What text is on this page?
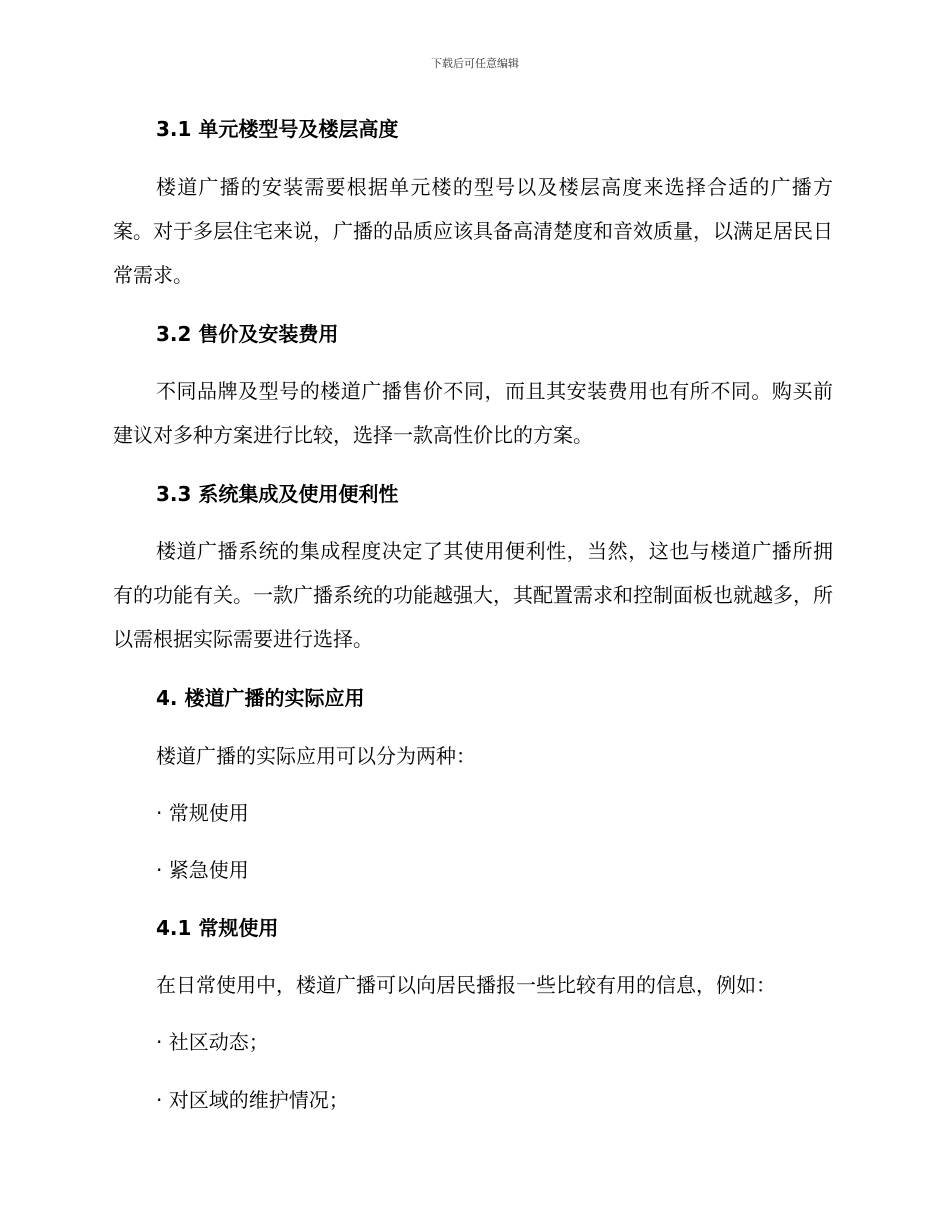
下载后可任意编辑

3.1 单元楼型号及楼层高度

楼道广播的安装需要根据单元楼的型号以及楼层高度来选择合适的广播方案。对于多层住宅来说，广播的品质应该具备高清楚度和音效质量，以满足居民日常需求。

3.2 售价及安装费用

不同品牌及型号的楼道广播售价不同，而且其安装费用也有所不同。购买前建议对多种方案进行比较，选择一款高性价比的方案。

3.3 系统集成及使用便利性

楼道广播系统的集成程度决定了其使用便利性，当然，这也与楼道广播所拥有的功能有关。一款广播系统的功能越强大，其配置需求和控制面板也就越多，所以需根据实际需要进行选择。

4. 楼道广播的实际应用

楼道广播的实际应用可以分为两种：

· 常规使用

· 紧急使用

4.1 常规使用

在日常使用中，楼道广播可以向居民播报一些比较有用的信息，例如：

· 社区动态；

· 对区域的维护情况；
